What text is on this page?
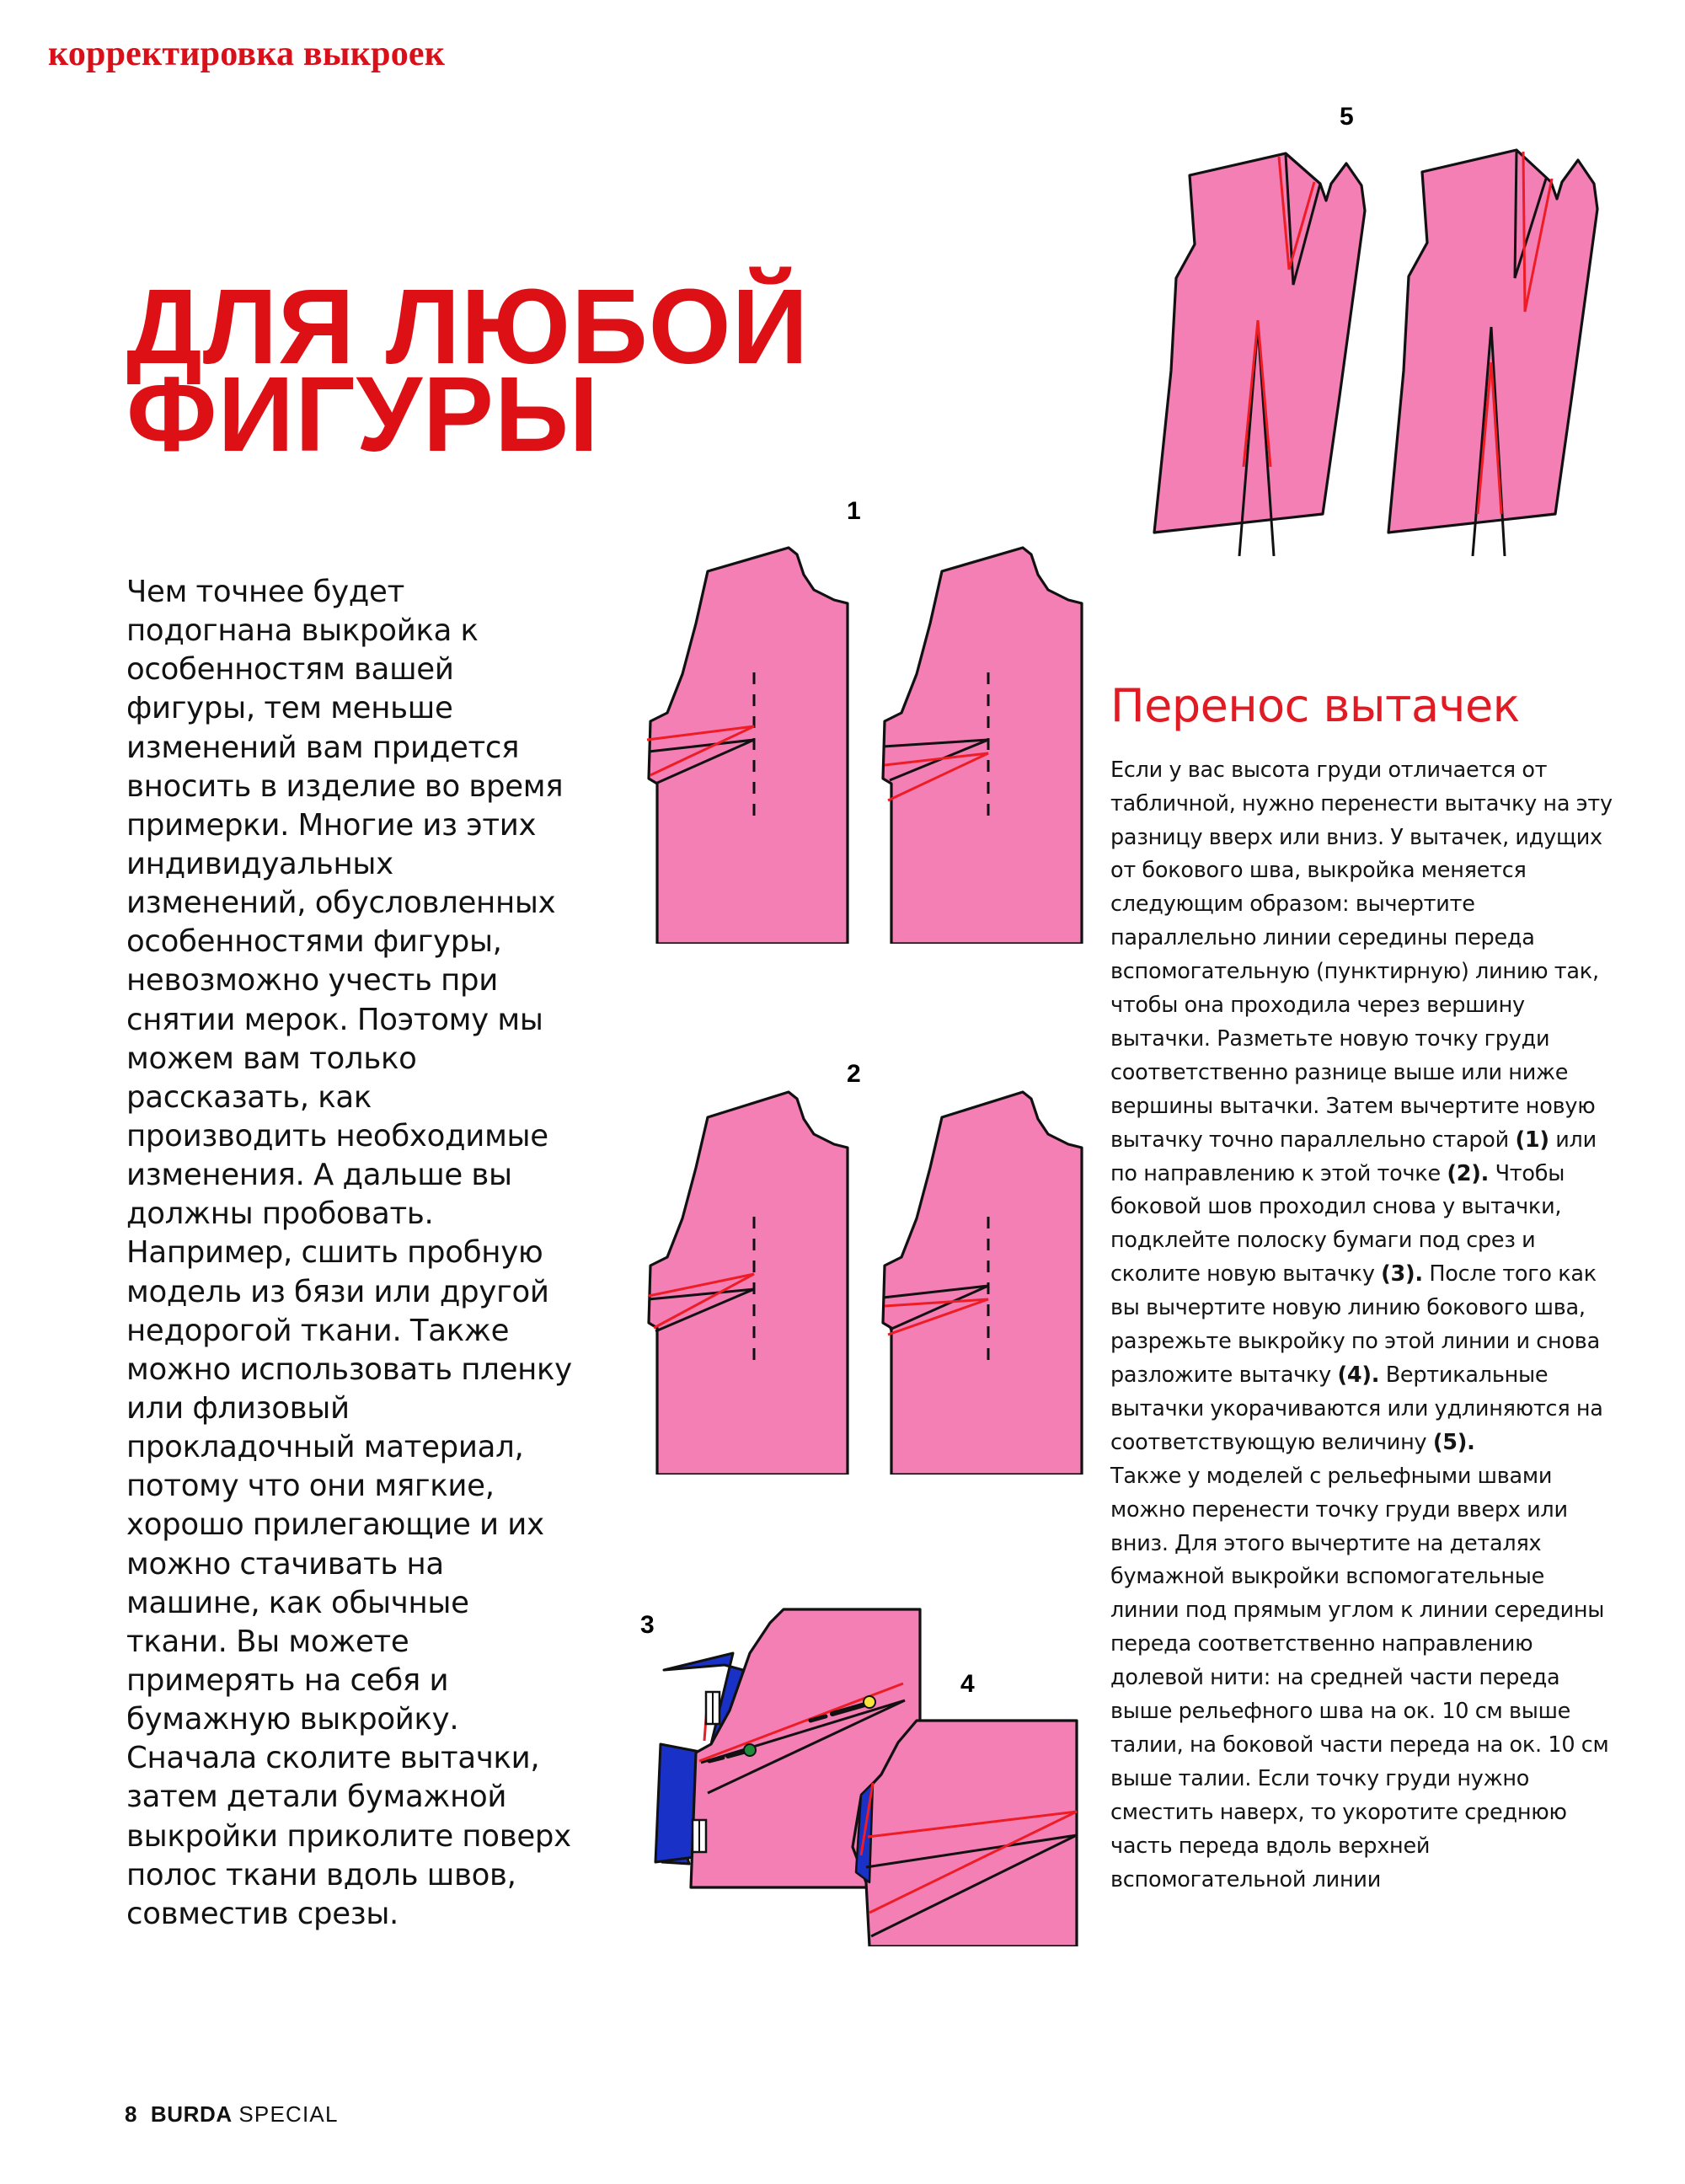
корректировка выкроек
ДЛЯ ЛЮБОЙ
ФИГУРЫ
Чем точнее будет подогнана выкройка к особенностям вашей фигуры, тем меньше изменений вам придется вносить в изделие во время примерки. Многие из этих индивидуальных изменений, обусловленных особенностями фигуры, невозможно учесть при снятии мерок. Поэтому мы можем вам только рассказать, как производить необходимые изменения. А дальше вы должны пробовать. Например, сшить пробную модель из бязи или другой недорогой ткани. Также можно использовать пленку или флизовый прокладочный материал, потому что они мягкие, хорошо прилегающие и их можно стачивать на машине, как обычные ткани. Вы можете примерять на себя и бумажную выкройку. Сначала сколите вытачки, затем детали бумажной выкройки приколите поверх полос ткани вдоль швов, совместив срезы.
Перенос вытачек

Если у вас высота груди отличается от табличной, нужно перенести вытачку на эту разницу вверх или вниз. У вытачек, идущих от бокового шва, выкройка меняется следующим образом: вычертите параллельно линии середины переда вспомогательную (пунктирную) линию так, чтобы она проходила через вершину вытачки. Разметьте новую точку груди соответственно разнице выше или ниже вершины вытачки. Затем вычертите новую вытачку точно параллельно старой (1) или по направлению к этой точке (2). Чтобы боковой шов проходил снова у вытачки, подклейте полоску бумаги под срез и сколите новую вытачку (3). После того как вы вычертите новую линию бокового шва, разрежьте выкройку по этой линии и снова разложите вытачку (4). Вертикальные вытачки укорачиваются или удлиняются на соответствующую величину (5).

Также у моделей с рельефными швами можно перенести точку груди вверх или вниз. Для этого вычертите на деталях бумажной выкройки вспомогательные линии под прямым углом к линии середины переда соответственно направлению долевой нити: на средней части переда выше рельефного шва на ок. 10 см выше талии, на боковой части переда на ок. 10 см выше талии. Если точку груди нужно сместить наверх, то укоротите среднюю часть переда вдоль верхней вспомогательной линии

5
1
2
3
4
8 BURDA SPECIAL
